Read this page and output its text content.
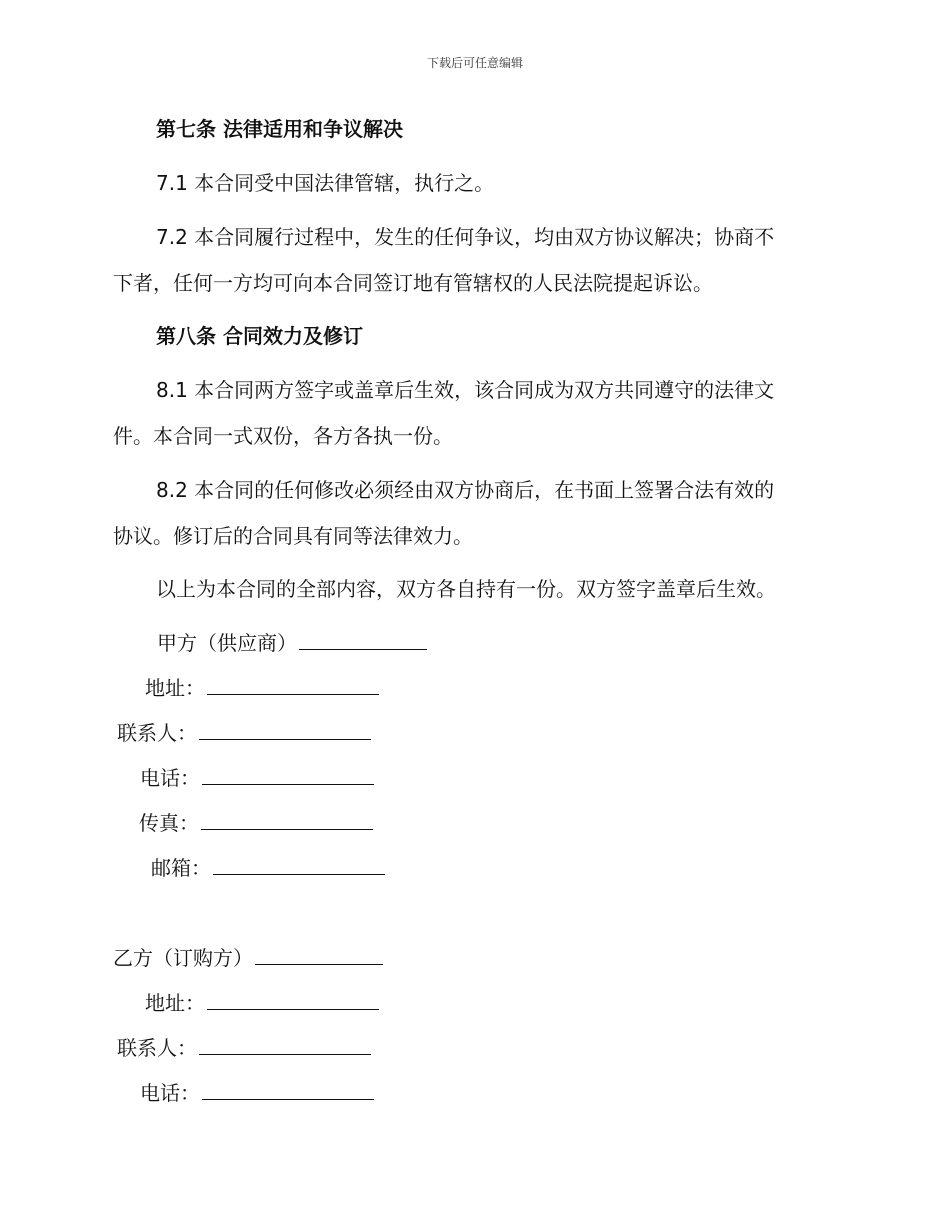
下载后可任意编辑
第七条 法律适用和争议解决
7.1 本合同受中国法律管辖，执行之。
7.2 本合同履行过程中，发生的任何争议，均由双方协议解决；协商不
下者，任何一方均可向本合同签订地有管辖权的人民法院提起诉讼。
第八条 合同效力及修订
8.1 本合同两方签字或盖章后生效，该合同成为双方共同遵守的法律文
件。本合同一式双份，各方各执一份。
8.2 本合同的任何修改必须经由双方协商后，在书面上签署合法有效的
协议。修订后的合同具有同等法律效力。
以上为本合同的全部内容，双方各自持有一份。双方签字盖章后生效。
甲方（供应商）
地址：
联系人：
电话：
传真：
邮箱：
乙方（订购方）
地址：
联系人：
电话：
